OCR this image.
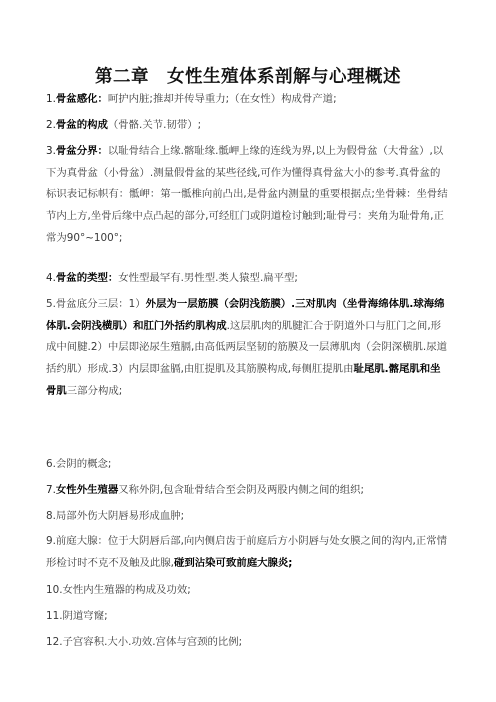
第二章　女性生殖体系剖解与心理概述

1.骨盆感化：呵护内脏;推却并传导重力;（在女性）构成骨产道;

2.骨盆的构成（骨骼.关节.韧带）;

3.骨盆分界：以耻骨结合上缘.髂耻缘.骶岬上缘的连线为界,以上为假骨盆（大骨盆）,以下为真骨盆（小骨盆）.测量假骨盆的某些径线,可作为懂得真骨盆大小的参考.真骨盆的标识表记标帜有：骶岬：第一骶椎向前凸出,是骨盆内测量的重要根据点;坐骨棘：坐骨结节内上方,坐骨后缘中点凸起的部分,可经肛门或阴道检讨触到;耻骨弓：夹角为耻骨角,正常为90°~100°;

4.骨盆的类型：女性型最罕有.男性型.类人猿型.扁平型;

5.骨盆底分三层：1）外层为一层筋膜（会阴浅筋膜）.三对肌肉（坐骨海绵体肌.球海绵体肌.会阴浅横肌）和肛门外括约肌构成.这层肌肉的肌腱汇合于阴道外口与肛门之间,形成中间腱.2）中层即泌尿生殖膈,由高低两层坚韧的筋膜及一层薄肌肉（会阴深横肌.尿道括约肌）形成.3）内层即盆膈,由肛提肌及其筋膜构成,每侧肛提肌由耻尾肌.髂尾肌和坐骨肌三部分构成;

6.会阴的概念;

7.女性外生殖器又称外阴,包含耻骨结合至会阴及两股内侧之间的组织;

8.局部外伤大阴唇易形成血肿;

9.前庭大腺：位于大阴唇后部,向内侧启齿于前庭后方小阴唇与处女膜之间的沟内,正常情形检讨时不克不及触及此腺,碰到沾染可致前庭大腺炎;

10.女性内生殖器的构成及功效;

11.阴道穹窿;

12.子宫容积.大小.功效.宫体与宫颈的比例;
